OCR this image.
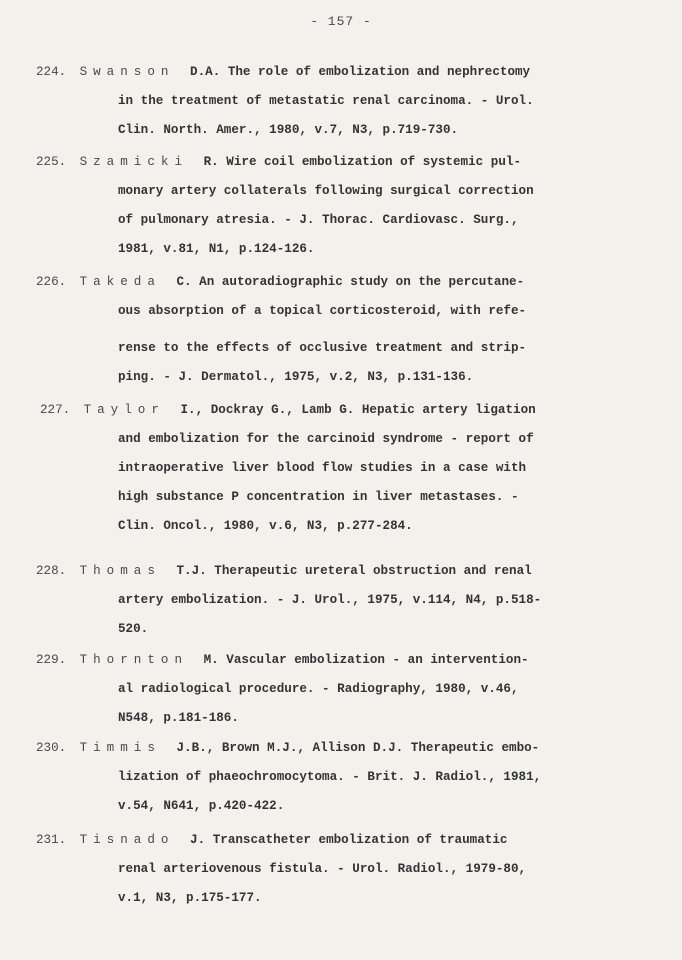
- 157 -
224. Swanson D.A. The role of embolization and nephrectomy
in the treatment of metastatic renal carcinoma. - Urol.
Clin. North. Amer., 1980, v.7, N3, p.719-730.
225. Szamicki R. Wire coil embolization of systemic pul-
monary artery collaterals following surgical correction
of pulmonary atresia. - J. Thorac. Cardiovasc. Surg.,
1981, v.81, N1, p.124-126.
226. Takeda C. An autoradiographic study on the percutane-
ous absorption of a topical corticosteroid, with refe-
rense to the effects of occlusive treatment and strip-
ping. - J. Dermatol., 1975, v.2, N3, p.131-136.
227. Taylor I., Dockray G., Lamb G. Hepatic artery ligation
and embolization for the carcinoid syndrome - report of
intraoperative liver blood flow studies in a case with
high substance P concentration in liver metastases. -
Clin. Oncol., 1980, v.6, N3, p.277-284.
228. Thomas T.J. Therapeutic ureteral obstruction and renal
artery embolization. - J. Urol., 1975, v.114, N4, p.518-
520.
229. Thornton M. Vascular embolization - an intervention-
al radiological procedure. - Radiography, 1980, v.46,
N548, p.181-186.
230. Timmis J.B., Brown M.J., Allison D.J. Therapeutic embo-
lization of phaeochromocytoma. - Brit. J. Radiol., 1981,
v.54, N641, p.420-422.
231. Tisnado J. Transcatheter embolization of traumatic
renal arteriovenous fistula. - Urol. Radiol., 1979-80,
v.1, N3, p.175-177.
